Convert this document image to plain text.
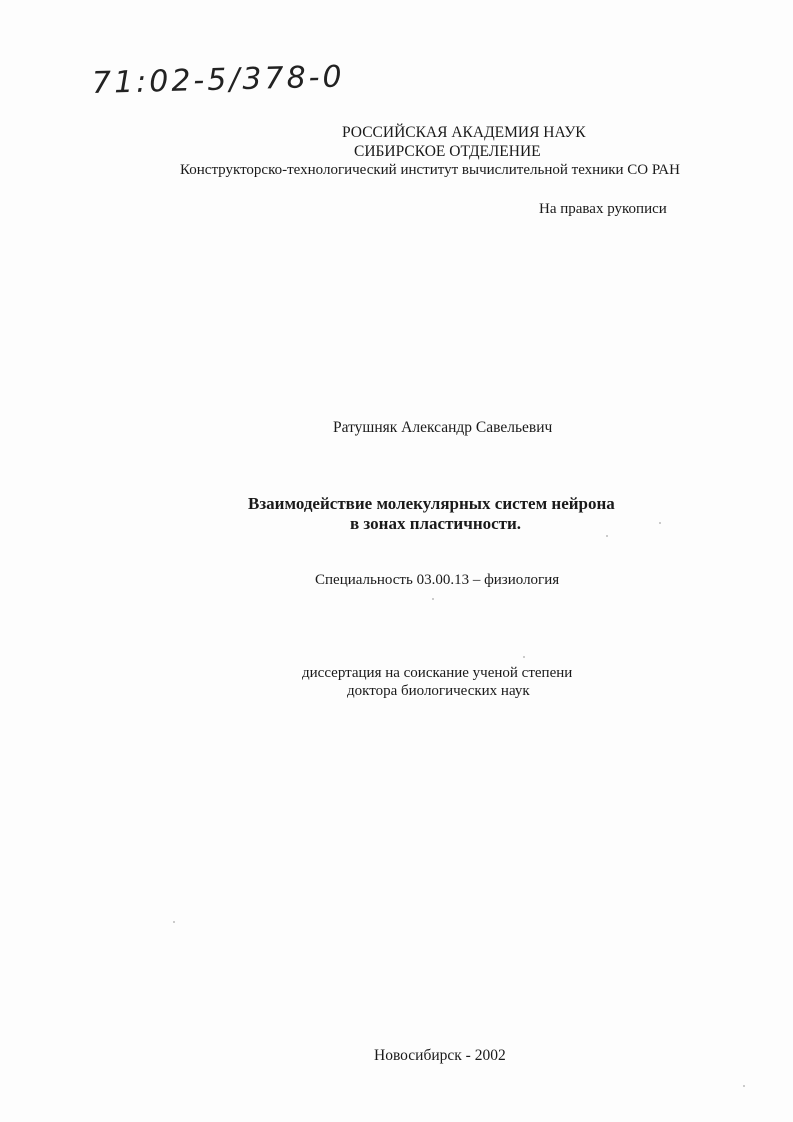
71:02-5/378-0
РОССИЙСКАЯ АКАДЕМИЯ НАУК
СИБИРСКОЕ ОТДЕЛЕНИЕ
Конструкторско-технологический институт вычислительной техники СО РАН
На правах рукописи
Ратушняк Александр Савельевич
Взаимодействие молекулярных систем нейрона
в зонах пластичности.
Специальность 03.00.13 – физиология
диссертация на соискание ученой степени
доктора биологических наук
Новосибирск - 2002
